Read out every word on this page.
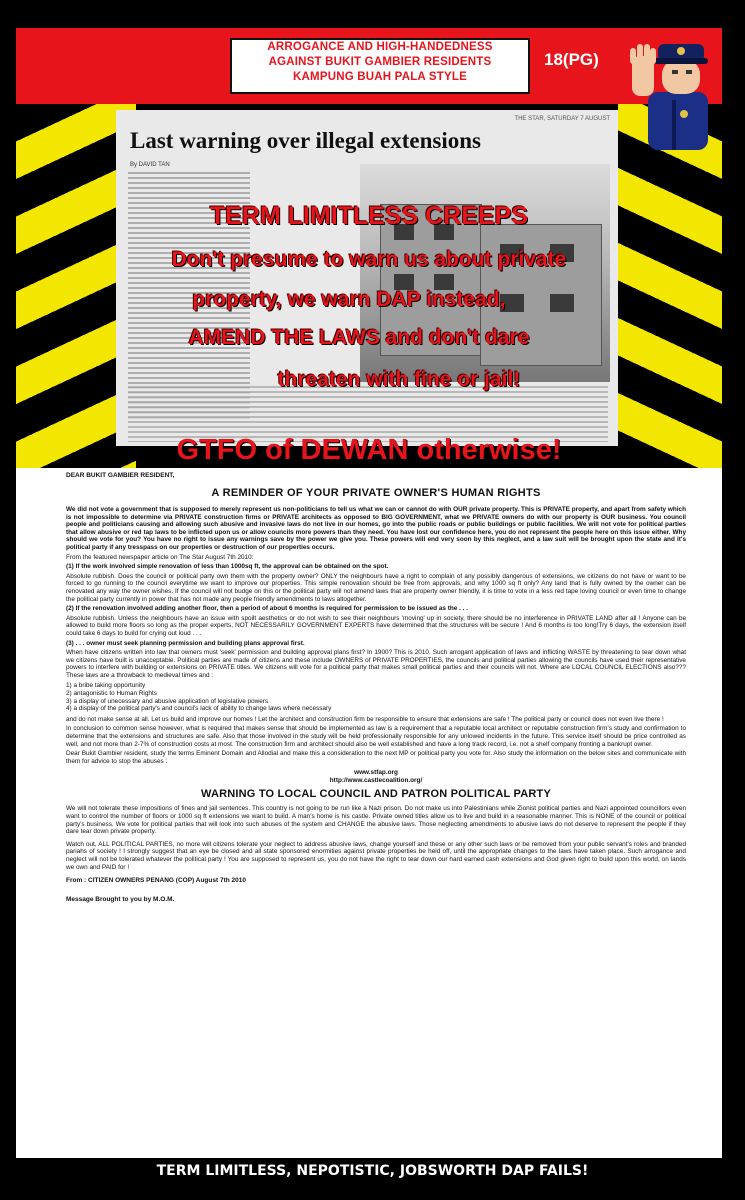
ARROGANCE AND HIGH-HANDEDNESS
AGAINST BUKIT GAMBIER RESIDENTS
KAMPUNG BUAH PALA STYLE
18(PG)
THE STAR, SATURDAY 7 AUGUST
Last warning over illegal extensions
By DAVID TAN
TERM LIMITLESS CREEPS
Don't presume to warn us about private
property, we warn DAP instead,
AMEND THE LAWS and don't dare
threaten with fine or jail!
GTFO of DEWAN otherwise!
DEAR BUKIT GAMBIER RESIDENT,
A REMINDER OF YOUR PRIVATE OWNER'S HUMAN RIGHTS
We did not vote a government that is supposed to merely represent us non-politicians to tell us what we can or cannot do with OUR private property. This is PRIVATE property, and apart from safety which is not impossible to determine via PRIVATE construction firms or PRIVATE architects as opposed to BIG GOVERNMENT, what we PRIVATE owners do with our property is OUR business. You council people and politicians causing and allowing such abusive and invasive laws do not live in our homes, go into the public roads or public buildings or public facilities. We will not vote for political parties that allow abusive or red tap laws to be inflicted upon us or allow councils more powers than they need. You have lost our confidence here, you do not represent the people here on this issue either. Why should we vote for you? You have no right to issue any warnings save by the power we give you. These powers will end very soon by this neglect, and a law suit will be brought upon the state and it's political party if any tresspass on our properties or destruction of our properties occurs.
From the featured newspaper article on The Star August 7th 2010:
(1) If the work involved simple renovation of less than 1000sq ft, the approval can be obtained on the spot.
Absolute rubbish. Does the council or political party own them with the property owner? ONLY the neighbours have a right to complain of any possibly dangerous of extensions, we citizens do not have or want to be forced to go running to the council everytime we want to improve our properties. This simple renovation should be free from approvals, and why 1000 sq ft only? Any land that is fully owned by the owner can be renovated any way the owner wishes. If the council will not budge on this or the political party will not amend laws that are property owner friendly, it is time to vote in a less red tape loving council or even time to change the political party currently in power that has not made any people friendly amendments to laws altogether.
(2) If the renovation involved adding another floor, then a period of about 6 months is required for permission to be issued as the . . .
Absolute rubbish. Unless the neighbours have an issue with spoilt aesthetics or do not wish to see their neighbours 'moving' up in society, there should be no interference in PRIVATE LAND after all ! Anyone can be allowed to build more floors so long as the proper experts, NOT NECESSARILY GOVERNMENT EXPERTS have determined that the structures will be secure ! And 6 months is too long!Try 6 days, the extension itself could take 6 days to build for crying out loud . . .
(3) . . . owner must seek planning permission and building plans approval first.
When have citizens written into law that owners must 'seek' permission and building approval plans first? In 1900? This is 2010. Such arrogant application of laws and inflicting WASTE by threatening to tear down what we citizens have built is unacceptable. Political parties are made of citizens and these include OWNERS of PRIVATE PROPERTIES, the councils and political parties allowing the councils have used their representative powers to interfere with building or extensions on PRIVATE titles. We citizens will vote for a political party that makes small political parties and their councils will not. Where are LOCAL COUNCIL ELECTIONS also??? These laws are a throwback to medieval times and :
1) a bribe taking opportunity
2) antagonistic to Human Rights
3) a display of unecessary and abusive application of legislative powers
4) a display of the political party's and council's lack of ability to change laws where necessary
and do not make sense at all. Let us build and improve our homes ! Let the architect and construction firm be responsible to ensure that extensions are safe ! The political party or council does not even live there !
In conclusion to common sense however, what is required that makes sense that should be implemented as law is a requirement that a reputable local architect or reputable construction firm's study and confirmation to determine that the extensions and structures are safe. Also that those involved in the study will be held professionally responsible for any unlowed incidents in the future. This service itself should be price controlled as well, and not more than 2-7% of construction costs at most. The construction firm and architect should also be well established and have a long track record, i.e. not a shelf company fronting a bankrupt owner.
Dear Bukit Gambier resident, study the terms Eminent Domain and Allodial and make this a consideration to the next MP or political party you vote for. Also study the information on the below sites and communicate with them for advice to stop the abuses :
www.stfap.org
http://www.castlecoalition.org/
WARNING TO LOCAL COUNCIL AND PATRON POLITICAL PARTY
We will not tolerate these impositions of fines and jail sentences. This country is not going to be run like a Nazi prison. Do not make us into Palestinians while Zionist political parties and Nazi appointed councillors even want to control the number of floors or 1000 sq ft extensions we want to build. A man's home is his castle. Private owned titles allow us to live and build in a reasonable manner. This is NONE of the council or political party's business. We vote for political parties that will look into such abuses of the system and CHANGE the abusive laws. Those neglecting amendments to abusive laws do not deserve to represent the people if they dare tear down private property.
Watch out, ALL POLITICAL PARTIES, no more will citizens tolerate your neglect to address abusive laws, change yourself and these or any other such laws or be removed from your public servant's roles and branded pariahs of society ! I strongly suggest that an eye be closed and all state sponsored enormities against private properties be held off, until the appropriate changes to the laws have taken place. Such arrogance and neglect will not be tolerated whatever the political party ! You are supposed to represent us, you do not have the right to tear down our hard earned cash extensions and God given right to build upon this world, on lands we own and PAID for !
From : CITIZEN OWNERS PENANG (COP) August 7th 2010
Message Brought to you by M.O.M.
TERM LIMITLESS, NEPOTISTIC, JOBSWORTH DAP FAILS!
